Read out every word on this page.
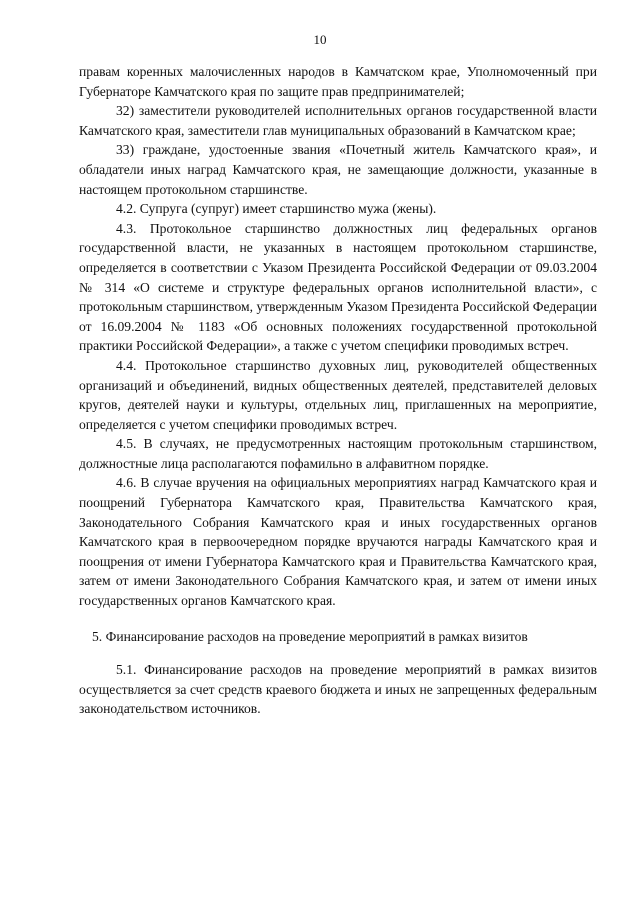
10

правам коренных малочисленных народов в Камчатском крае, Уполномоченный при Губернаторе Камчатского края по защите прав предпринимателей;

32) заместители руководителей исполнительных органов государственной власти Камчатского края, заместители глав муниципальных образований в Камчатском крае;

33) граждане, удостоенные звания «Почетный житель Камчатского края», и обладатели иных наград Камчатского края, не замещающие должности, указанные в настоящем протокольном старшинстве.

4.2. Супруга (супруг) имеет старшинство мужа (жены).

4.3. Протокольное старшинство должностных лиц федеральных органов государственной власти, не указанных в настоящем протокольном старшинстве, определяется в соответствии с Указом Президента Российской Федерации от 09.03.2004 № 314 «О системе и структуре федеральных органов исполнительной власти», с протокольным старшинством, утвержденным Указом Президента Российской Федерации от 16.09.2004 № 1183 «Об основных положениях государственной протокольной практики Российской Федерации», а также с учетом специфики проводимых встреч.

4.4. Протокольное старшинство духовных лиц, руководителей общественных организаций и объединений, видных общественных деятелей, представителей деловых кругов, деятелей науки и культуры, отдельных лиц, приглашенных на мероприятие, определяется с учетом специфики проводимых встреч.

4.5. В случаях, не предусмотренных настоящим протокольным старшинством, должностные лица располагаются пофамильно в алфавитном порядке.

4.6. В случае вручения на официальных мероприятиях наград Камчатского края и поощрений Губернатора Камчатского края, Правительства Камчатского края, Законодательного Собрания Камчатского края и иных государственных органов Камчатского края в первоочередном порядке вручаются награды Камчатского края и поощрения от имени Губернатора Камчатского края и Правительства Камчатского края, затем от имени Законодательного Собрания Камчатского края, и затем от имени иных государственных органов Камчатского края.

5. Финансирование расходов на проведение мероприятий в рамках визитов

5.1. Финансирование расходов на проведение мероприятий в рамках визитов осуществляется за счет средств краевого бюджета и иных не запрещенных федеральным законодательством источников.
